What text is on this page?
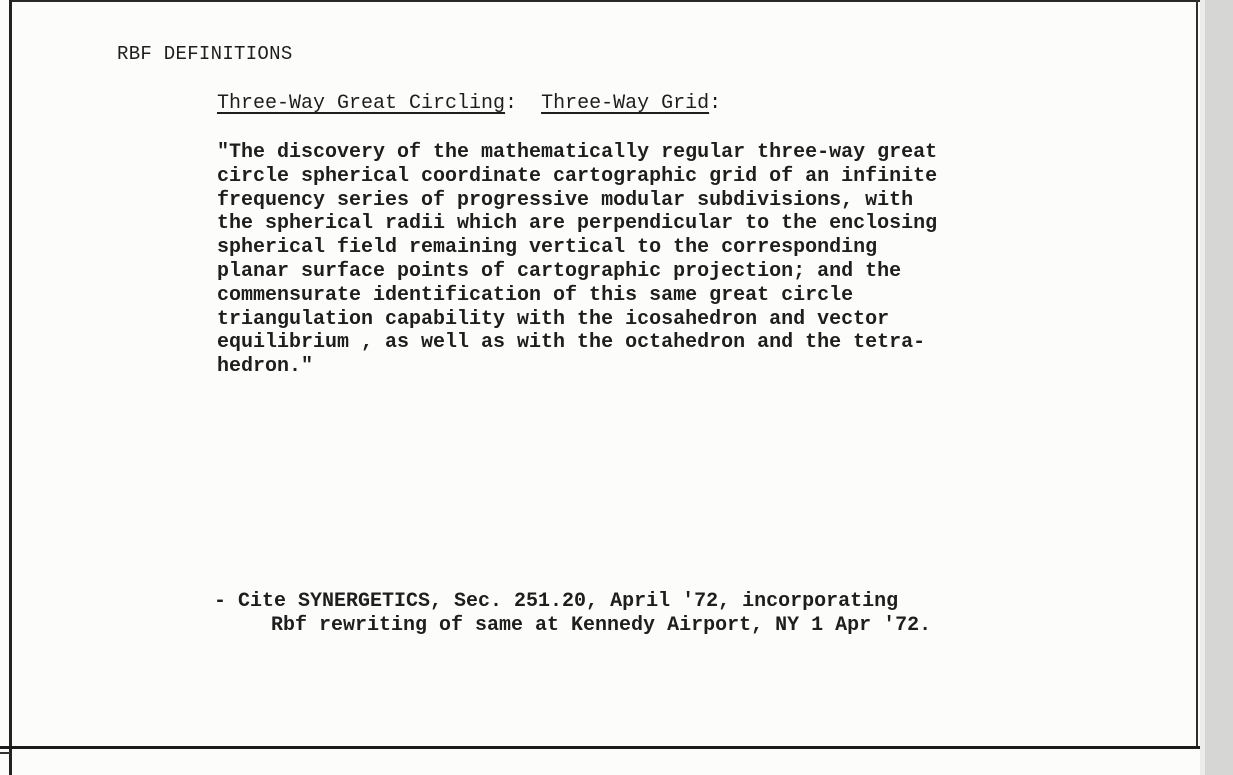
RBF DEFINITIONS
Three-Way Great Circling:  Three-Way Grid:
"The discovery of the mathematically regular three-way great
circle spherical coordinate cartographic grid of an infinite
frequency series of progressive modular subdivisions, with
the spherical radii which are perpendicular to the enclosing
spherical field remaining vertical to the corresponding
planar surface points of cartographic projection; and the
commensurate identification of this same great circle
triangulation capability with the icosahedron and vector
equilibrium , as well as with the octahedron and the tetra-
hedron."
- Cite SYNERGETICS, Sec. 251.20, April '72, incorporating
Rbf rewriting of same at Kennedy Airport, NY 1 Apr '72.
